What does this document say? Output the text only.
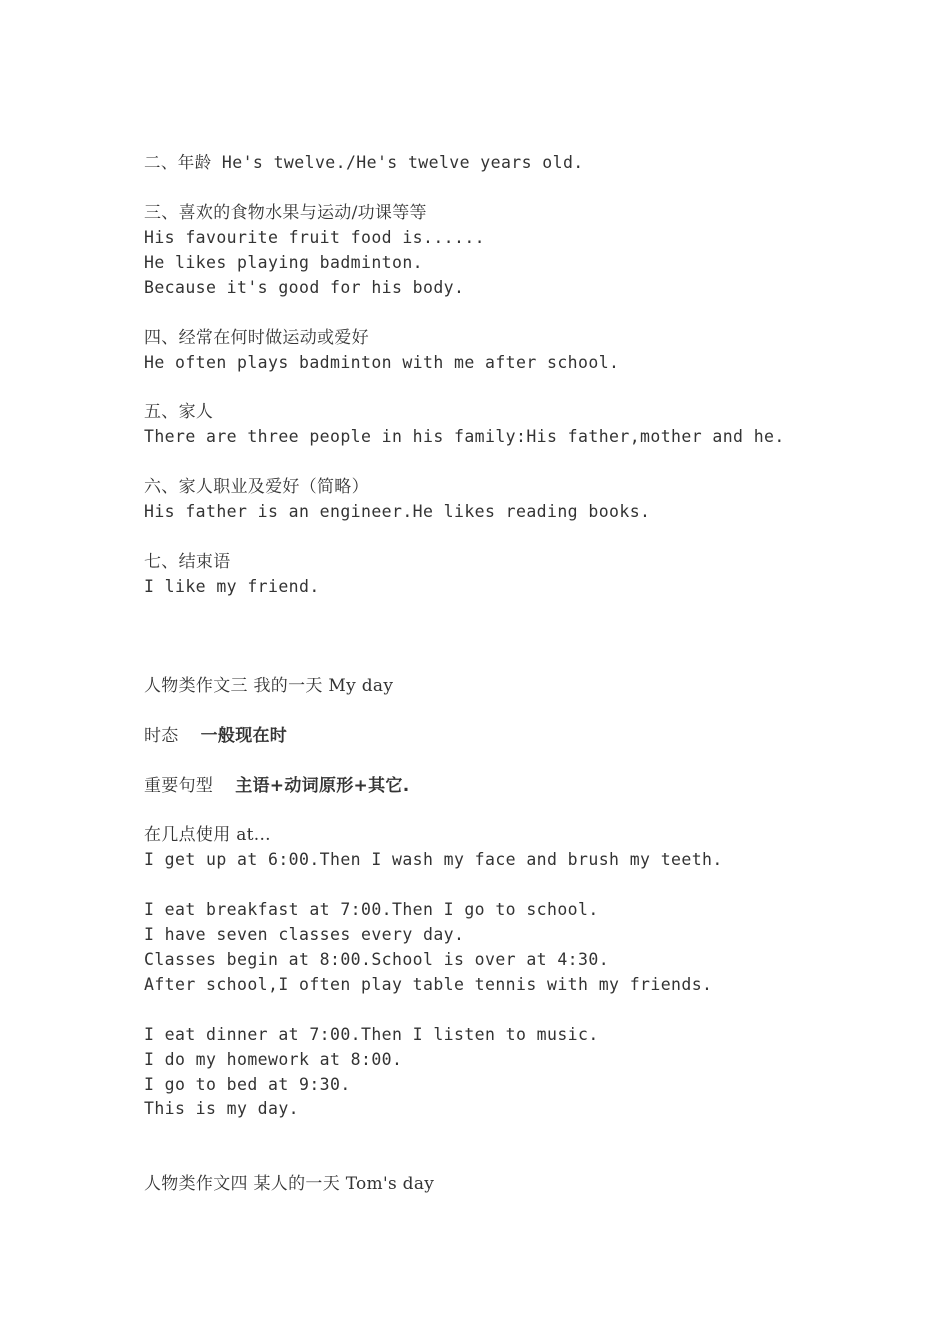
二、年龄 He's twelve./He's twelve years old.
三、喜欢的食物水果与运动/功课等等
His favourite fruit food is......
He likes playing badminton.
Because it's good for his body.
四、经常在何时做运动或爱好
He often plays badminton with me after school.
五、家人
There are three people in his family:His father,mother and he.
六、家人职业及爱好（简略）
His father is an engineer.He likes reading books.
七、结束语
I like my friend.
人物类作文三 我的一天 My day
时态 一般现在时
重要句型 主语+动词原形+其它.
在几点使用 at...
I get up at 6:00.Then I wash my face and brush my teeth.
I eat breakfast at 7:00.Then I go to school.
I have seven classes every day.
Classes begin at 8:00.School is over at 4:30.
After school,I often play table tennis with my friends.
I eat dinner at 7:00.Then I listen to music.
I do my homework at 8:00.
I go to bed at 9:30.
This is my day.
人物类作文四 某人的一天 Tom's day
